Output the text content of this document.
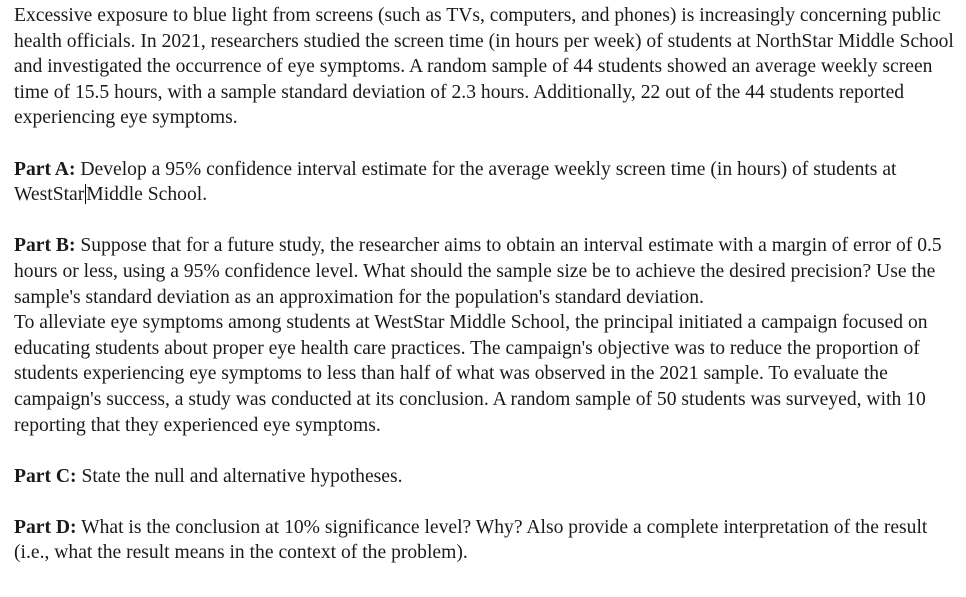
Excessive exposure to blue light from screens (such as TVs, computers, and phones) is increasingly concerning public health officials. In 2021, researchers studied the screen time (in hours per week) of students at NorthStar Middle School and investigated the occurrence of eye symptoms. A random sample of 44 students showed an average weekly screen time of 15.5 hours, with a sample standard deviation of 2.3 hours. Additionally, 22 out of the 44 students reported experiencing eye symptoms.

Part A: Develop a 95% confidence interval estimate for the average weekly screen time (in hours) of students at WestStar Middle School.

Part B: Suppose that for a future study, the researcher aims to obtain an interval estimate with a margin of error of 0.5 hours or less, using a 95% confidence level. What should the sample size be to achieve the desired precision? Use the sample's standard deviation as an approximation for the population's standard deviation.

To alleviate eye symptoms among students at WestStar Middle School, the principal initiated a campaign focused on educating students about proper eye health care practices. The campaign's objective was to reduce the proportion of students experiencing eye symptoms to less than half of what was observed in the 2021 sample. To evaluate the campaign's success, a study was conducted at its conclusion. A random sample of 50 students was surveyed, with 10 reporting that they experienced eye symptoms.

Part C: State the null and alternative hypotheses.

Part D: What is the conclusion at 10% significance level? Why? Also provide a complete interpretation of the result (i.e., what the result means in the context of the problem).
